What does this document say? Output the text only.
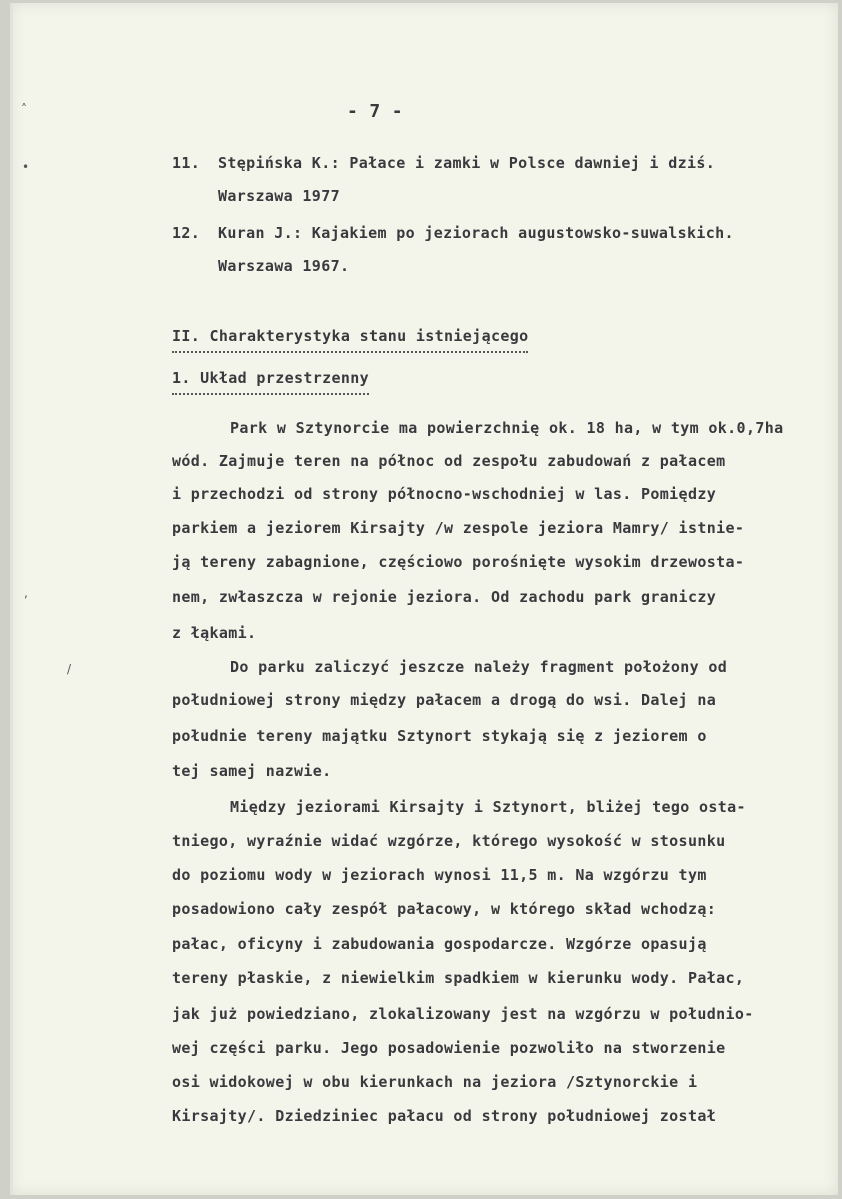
˄
•
,
/
- 7 -
11. Stępińska K.: Pałace i zamki w Polsce dawniej i dziś.
Warszawa 1977
12. Kuran J.: Kajakiem po jeziorach augustowsko-suwalskich.
Warszawa 1967.
II. Charakterystyka stanu istniejącego
1. Układ przestrzenny
Park w Sztynorcie ma powierzchnię ok. 18 ha, w tym ok.0,7ha
wód. Zajmuje teren na północ od zespołu zabudowań z pałacem
i przechodzi od strony północno-wschodniej w las. Pomiędzy
parkiem a jeziorem Kirsajty /w zespole jeziora Mamry/ istnie-
ją tereny zabagnione, częściowo porośnięte wysokim drzewosta-
nem, zwłaszcza w rejonie jeziora. Od zachodu park graniczy
z łąkami.
Do parku zaliczyć jeszcze należy fragment położony od
południowej strony między pałacem a drogą do wsi. Dalej na
południe tereny majątku Sztynort stykają się z jeziorem o
tej samej nazwie.
Między jeziorami Kirsajty i Sztynort, bliżej tego osta-
tniego, wyraźnie widać wzgórze, którego wysokość w stosunku
do poziomu wody w jeziorach wynosi 11,5 m. Na wzgórzu tym
posadowiono cały zespół pałacowy, w którego skład wchodzą:
pałac, oficyny i zabudowania gospodarcze. Wzgórze opasują
tereny płaskie, z niewielkim spadkiem w kierunku wody. Pałac,
jak już powiedziano, zlokalizowany jest na wzgórzu w południo-
wej części parku. Jego posadowienie pozwoliło na stworzenie
osi widokowej w obu kierunkach na jeziora /Sztynorckie i
Kirsajty/. Dziedziniec pałacu od strony południowej został
